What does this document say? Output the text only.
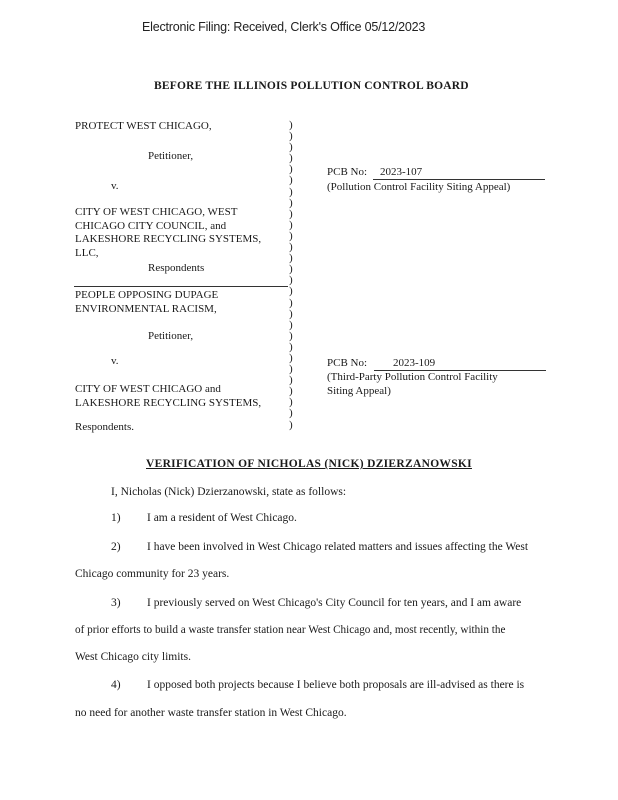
Electronic Filing: Received, Clerk's Office 05/12/2023
BEFORE THE ILLINOIS POLLUTION CONTROL BOARD
)
)
)
)
)
)
)
)
)
)
)
)
)
)
)
)
)
)
)
)
)
)
)
)
)
)
)
)
PROTECT WEST CHICAGO,
Petitioner,
v.
CITY OF WEST CHICAGO, WEST
CHICAGO CITY COUNCIL, and
LAKESHORE RECYCLING SYSTEMS,
LLC,
Respondents
PCB No: 2023-107
(Pollution Control Facility Siting Appeal)
PEOPLE OPPOSING DUPAGE
ENVIRONMENTAL RACISM,
Petitioner,
v.
CITY OF WEST CHICAGO and
LAKESHORE RECYCLING SYSTEMS,
Respondents.
PCB No: 2023-109
(Third-Party Pollution Control Facility
Siting Appeal)
VERIFICATION OF NICHOLAS (NICK) DZIERZANOWSKI
I, Nicholas (Nick) Dzierzanowski, state as follows:
1) I am a resident of West Chicago.
2) I have been involved in West Chicago related matters and issues affecting the West
Chicago community for 23 years.
3) I previously served on West Chicago's City Council for ten years, and I am aware
of prior efforts to build a waste transfer station near West Chicago and, most recently, within the
West Chicago city limits.
4) I opposed both projects because I believe both proposals are ill-advised as there is
no need for another waste transfer station in West Chicago.
